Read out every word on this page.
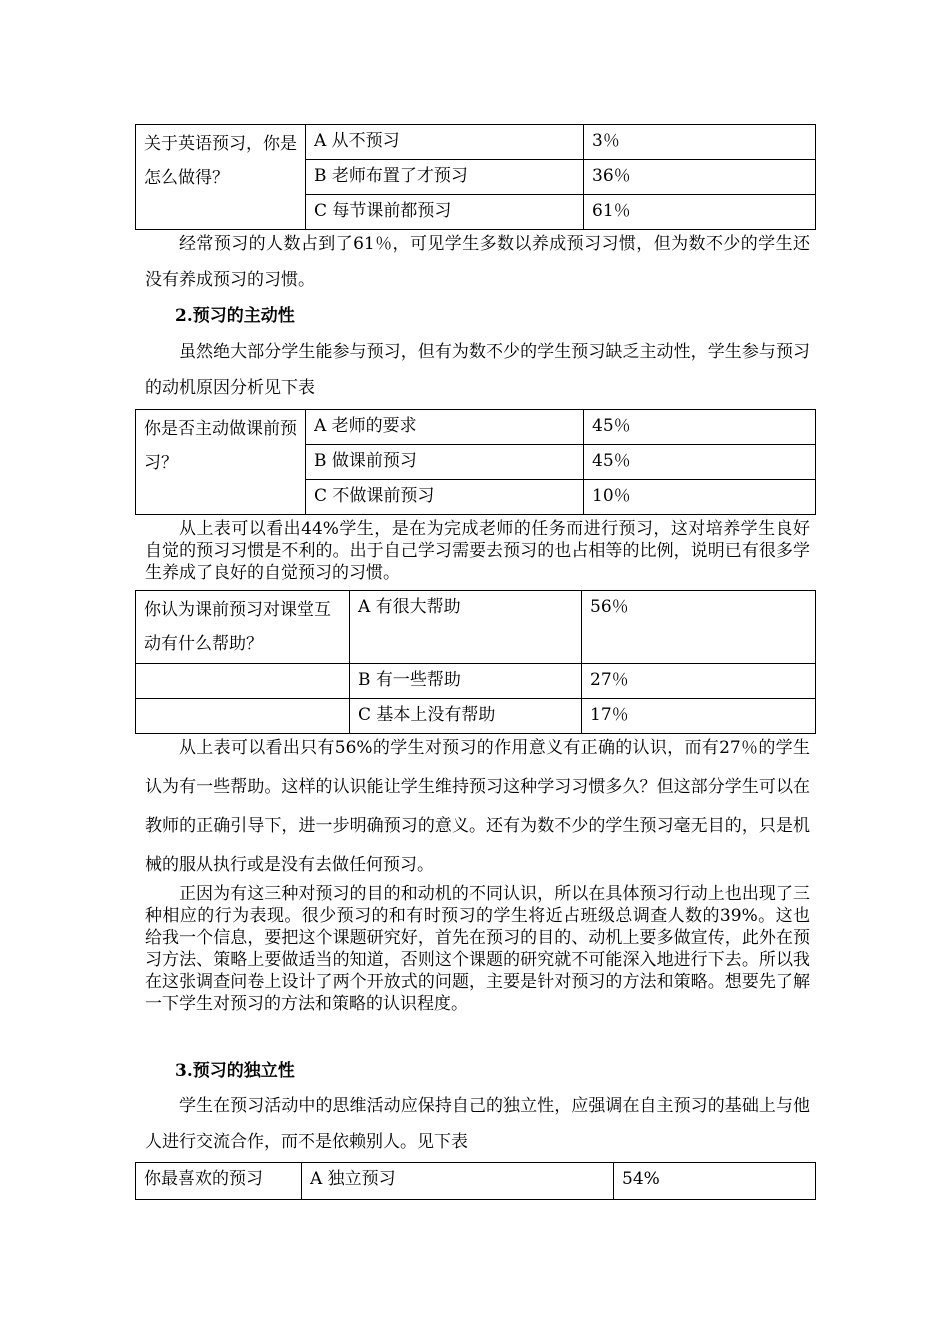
关于英语预习，你是怎么做得？	A 从不预习	3％
	B 老师布置了才预习	36％
	C 每节课前都预习	61％

经常预习的人数占到了61％，可见学生多数以养成预习习惯，但为数不少的学生还没有养成预习的习惯。

2.预习的主动性

虽然绝大部分学生能参与预习，但有为数不少的学生预习缺乏主动性，学生参与预习的动机原因分析见下表

你是否主动做课前预习？	A 老师的要求	45％
	B 做课前预习	45％
	C 不做课前预习	10％

从上表可以看出44%学生，是在为完成老师的任务而进行预习，这对培养学生良好自觉的预习习惯是不利的。出于自己学习需要去预习的也占相等的比例，说明已有很多学生养成了良好的自觉预习的习惯。

你认为课前预习对课堂互动有什么帮助？	A 有很大帮助	56％
	B 有一些帮助	27％
	C 基本上没有帮助	17％

从上表可以看出只有56%的学生对预习的作用意义有正确的认识，而有27％的学生认为有一些帮助。这样的认识能让学生维持预习这种学习习惯多久？但这部分学生可以在教师的正确引导下，进一步明确预习的意义。还有为数不少的学生预习毫无目的，只是机械的服从执行或是没有去做任何预习。

正因为有这三种对预习的目的和动机的不同认识，所以在具体预习行动上也出现了三种相应的行为表现。很少预习的和有时预习的学生将近占班级总调查人数的39%。这也给我一个信息，要把这个课题研究好，首先在预习的目的、动机上要多做宣传，此外在预习方法、策略上要做适当的知道，否则这个课题的研究就不可能深入地进行下去。所以我在这张调查问卷上设计了两个开放式的问题，主要是针对预习的方法和策略。想要先了解一下学生对预习的方法和策略的认识程度。

3.预习的独立性

学生在预习活动中的思维活动应保持自己的独立性，应强调在自主预习的基础上与他人进行交流合作，而不是依赖别人。见下表

你最喜欢的预习	A 独立预习	54%
